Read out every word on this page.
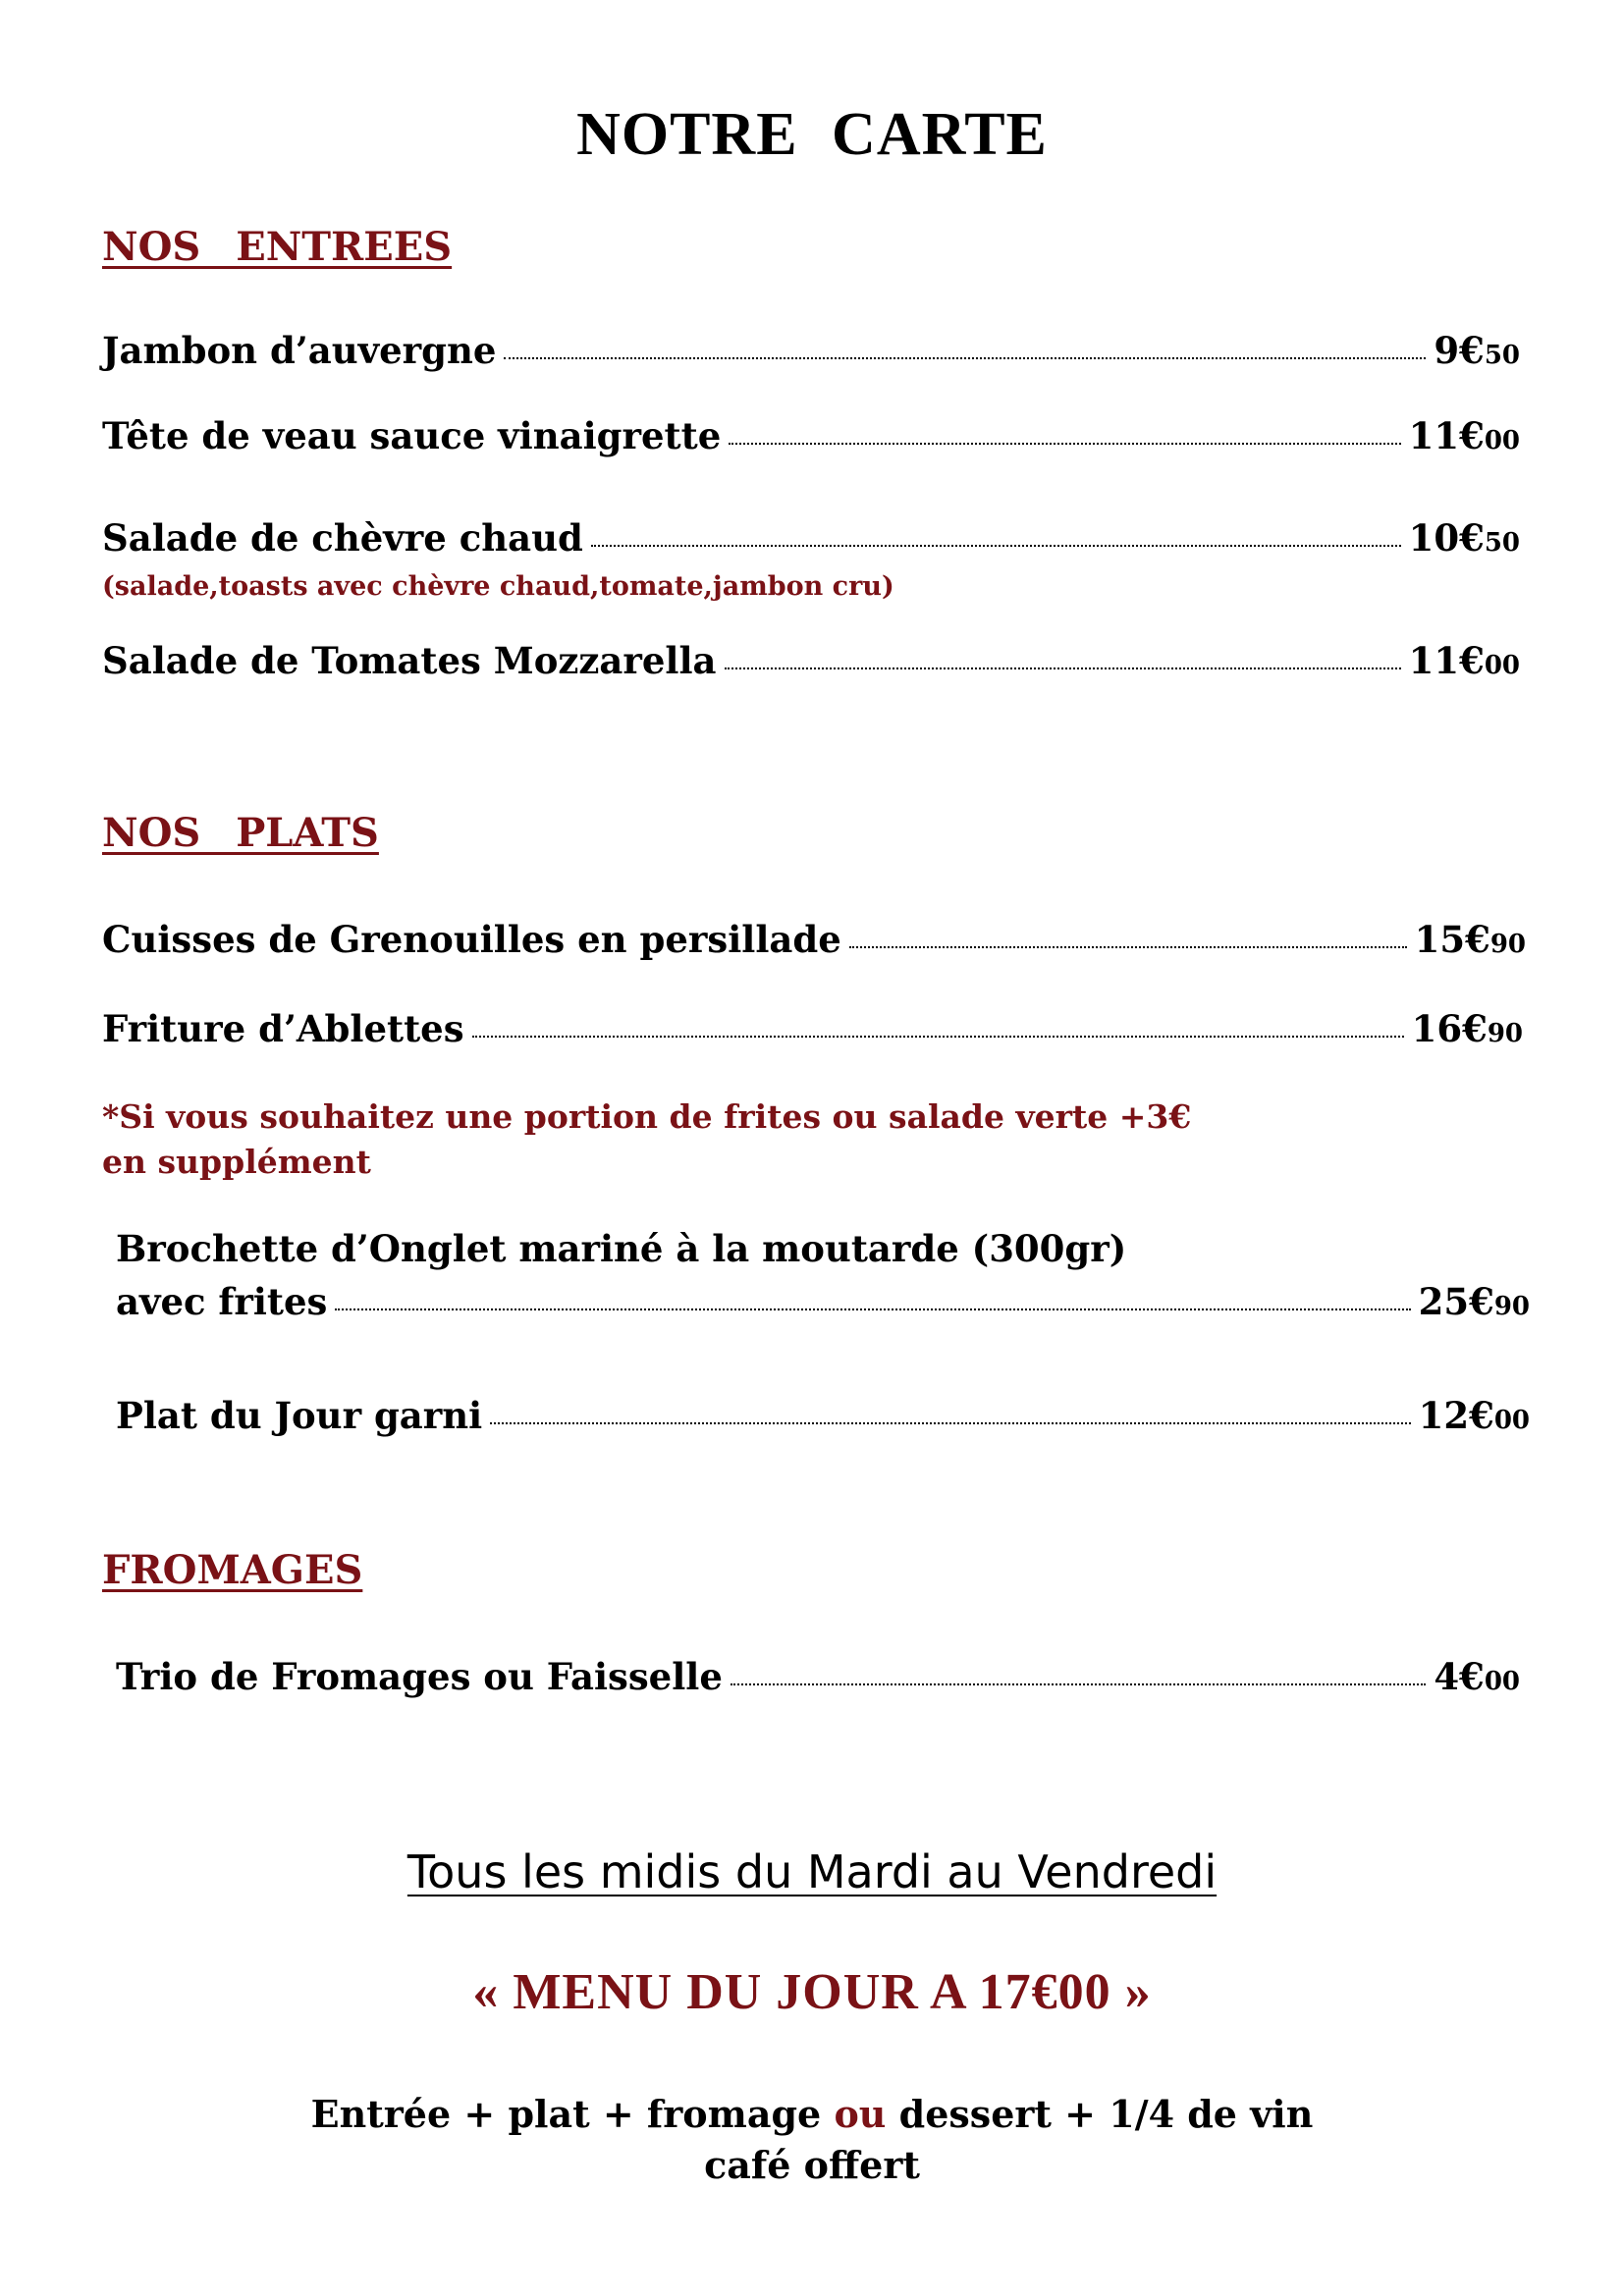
NOTRE CARTE
NOS ENTREES
Jambon d’auvergne	9€50
Tête de veau sauce vinaigrette	11€00
Salade de chèvre chaud	10€50
(salade,toasts avec chèvre chaud,tomate,jambon cru)
Salade de Tomates Mozzarella	11€00
NOS PLATS
Cuisses de Grenouilles en persillade	15€90
Friture d’Ablettes	16€90
*Si vous souhaitez une portion de frites ou salade verte +3€
en supplément
Brochette d’Onglet mariné à la moutarde (300gr)
avec frites	25€90
Plat du Jour garni	12€00
FROMAGES
Trio de Fromages ou Faisselle	4€00
Tous les midis du Mardi au Vendredi
« MENU DU JOUR A 17€00 »
Entrée + plat + fromage ou dessert + 1/4 de vin
café offert
